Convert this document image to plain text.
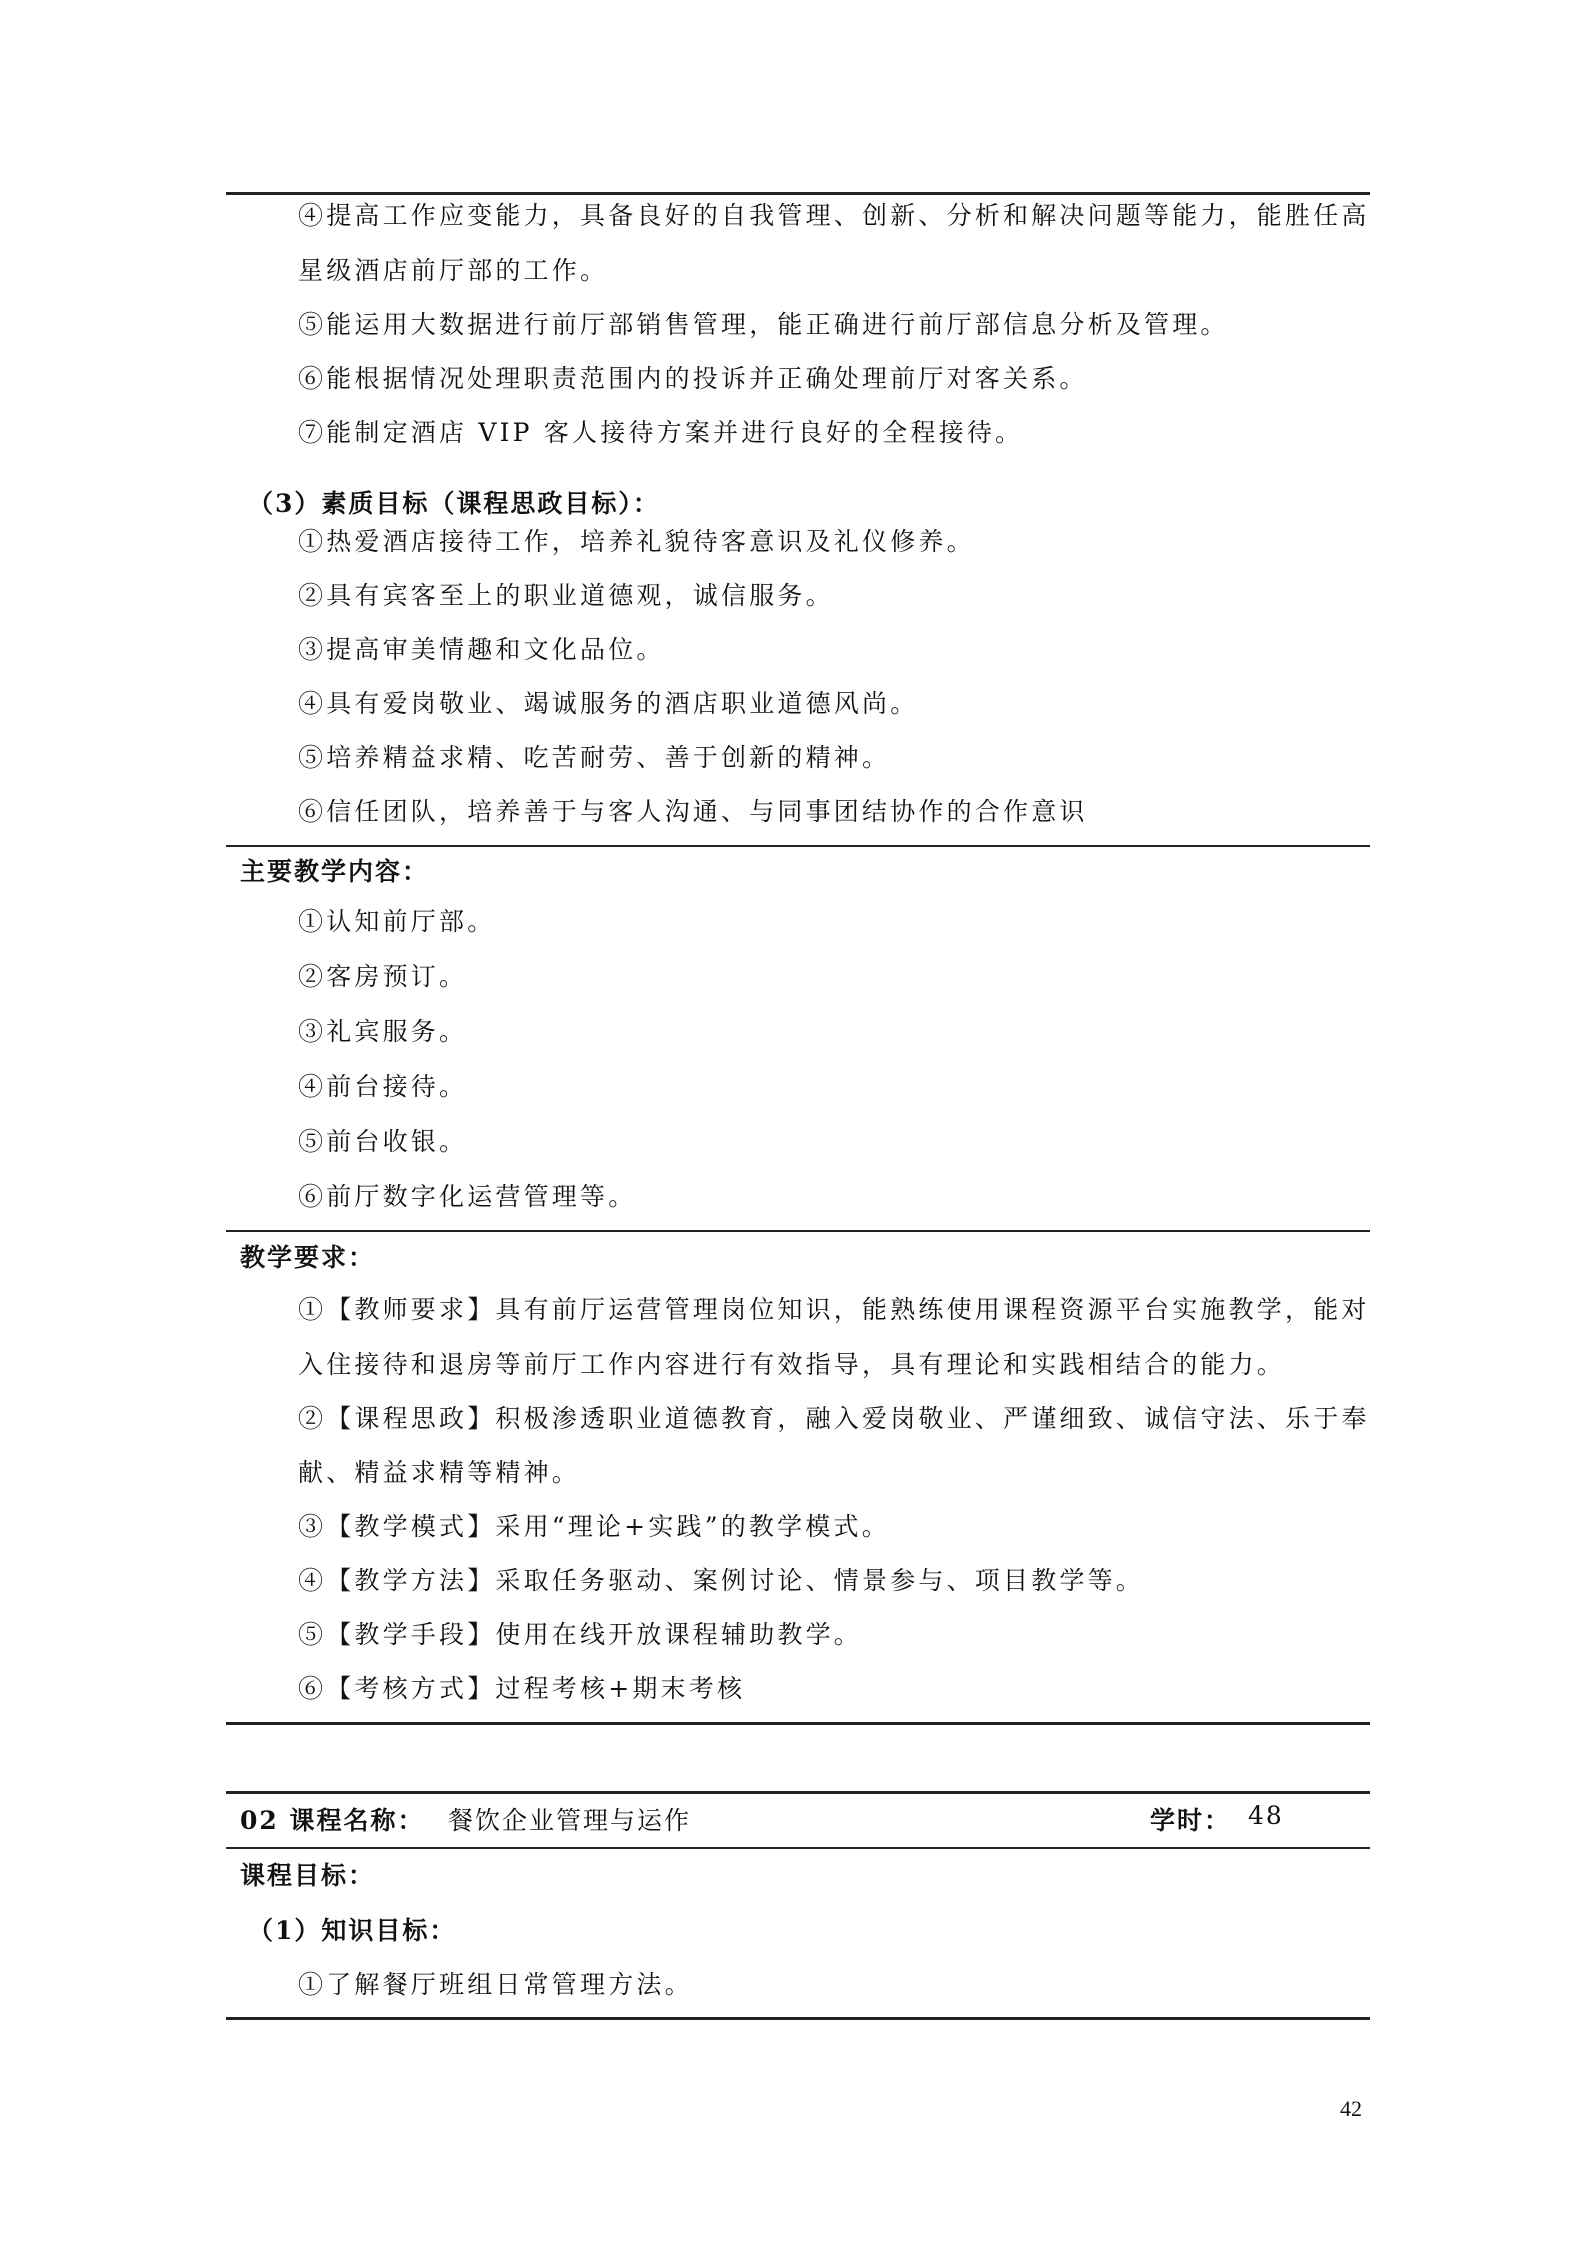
④提高工作应变能力，具备良好的自我管理、创新、分析和解决问题等能力，能胜任高
星级酒店前厅部的工作。
⑤能运用大数据进行前厅部销售管理，能正确进行前厅部信息分析及管理。
⑥能根据情况处理职责范围内的投诉并正确处理前厅对客关系。
⑦能制定酒店 VIP 客人接待方案并进行良好的全程接待。
（3）素质目标（课程思政目标）：
①热爱酒店接待工作，培养礼貌待客意识及礼仪修养。
②具有宾客至上的职业道德观，诚信服务。
③提高审美情趣和文化品位。
④具有爱岗敬业、竭诚服务的酒店职业道德风尚。
⑤培养精益求精、吃苦耐劳、善于创新的精神。
⑥信任团队，培养善于与客人沟通、与同事团结协作的合作意识
主要教学内容：
①认知前厅部。
②客房预订。
③礼宾服务。
④前台接待。
⑤前台收银。
⑥前厅数字化运营管理等。
教学要求：
①【教师要求】具有前厅运营管理岗位知识，能熟练使用课程资源平台实施教学，能对
入住接待和退房等前厅工作内容进行有效指导，具有理论和实践相结合的能力。
②【课程思政】积极渗透职业道德教育，融入爱岗敬业、严谨细致、诚信守法、乐于奉
献、精益求精等精神。
③【教学模式】采用“理论+实践”的教学模式。
④【教学方法】采取任务驱动、案例讨论、情景参与、项目教学等。
⑤【教学手段】使用在线开放课程辅助教学。
⑥【考核方式】过程考核+期末考核
02 课程名称： 餐饮企业管理与运作	学时： 48
课程目标：
（1）知识目标：
①了解餐厅班组日常管理方法。
42
